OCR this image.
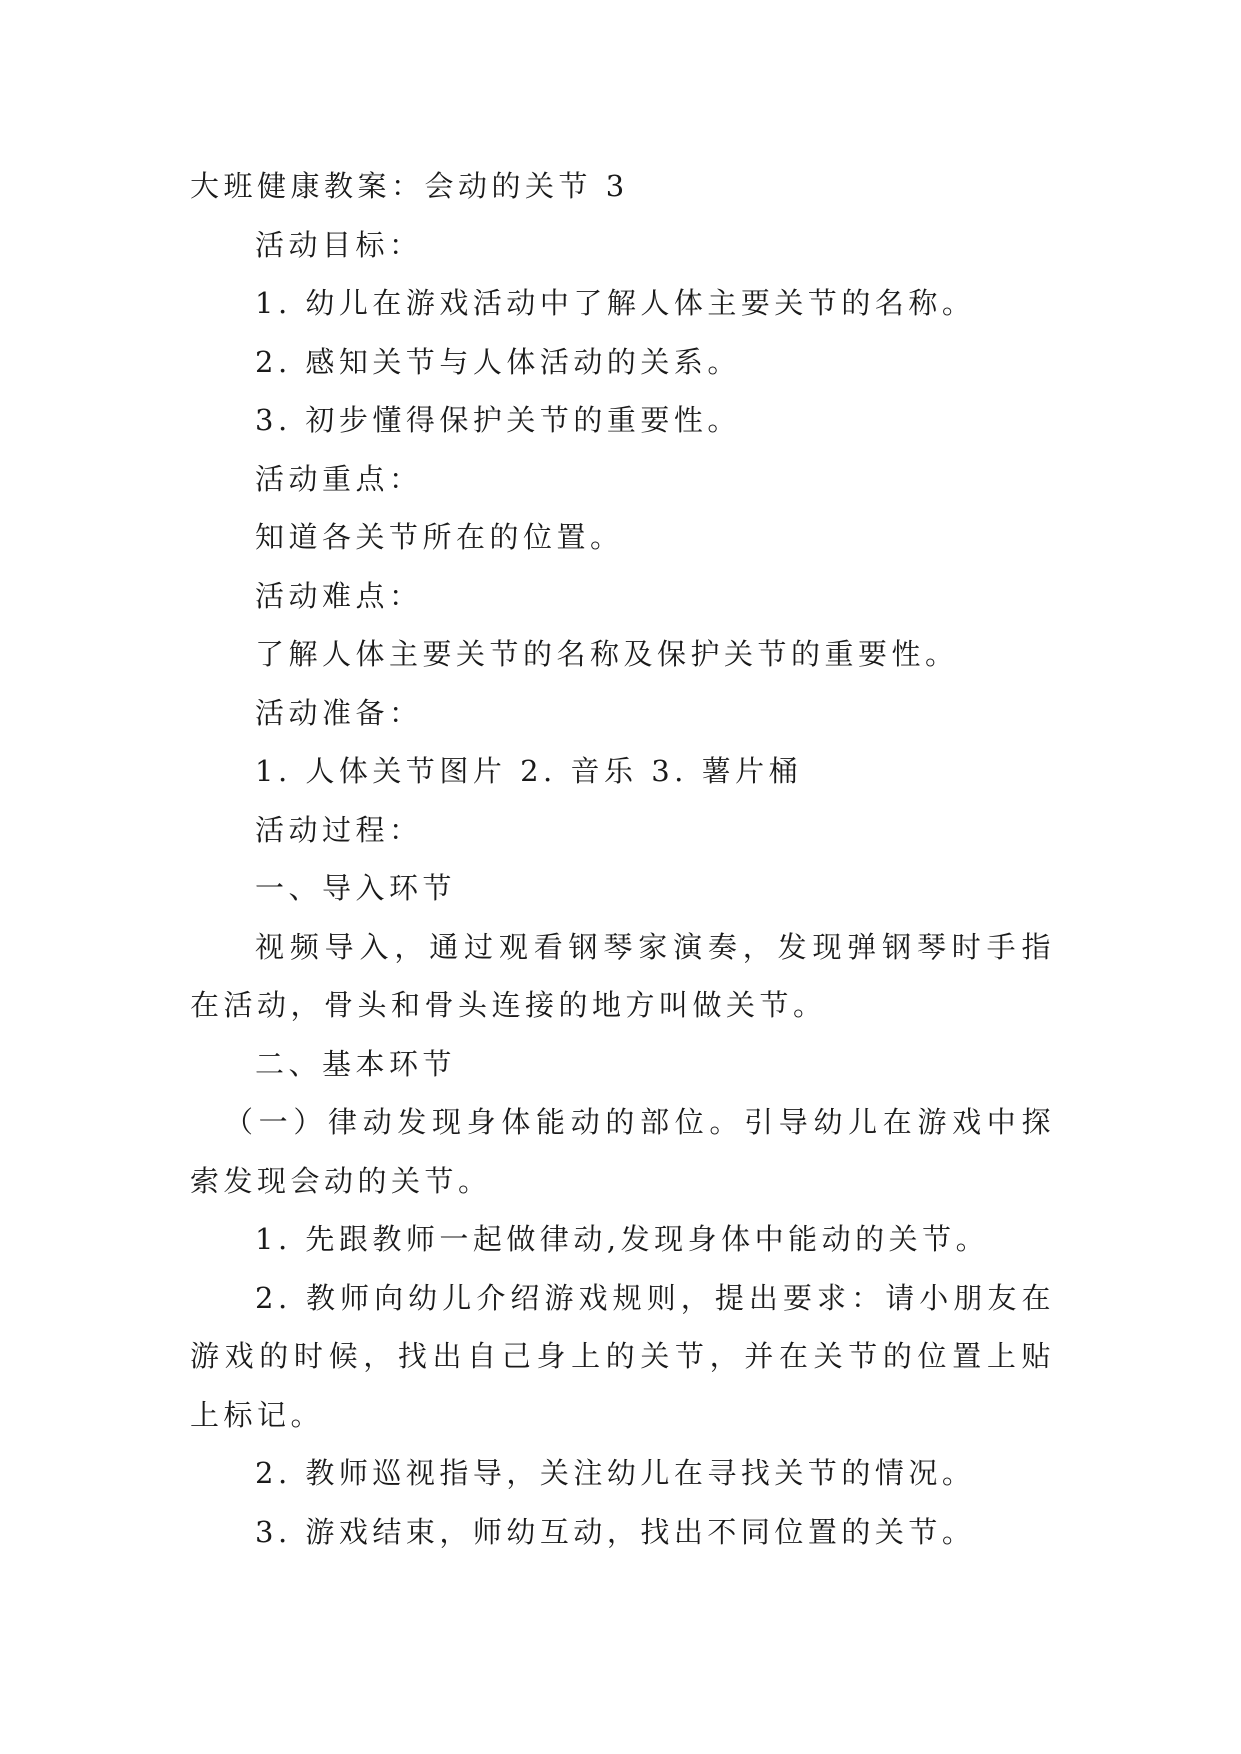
大班健康教案：会动的关节 3
活动目标：
1. 幼儿在游戏活动中了解人体主要关节的名称。
2. 感知关节与人体活动的关系。
3. 初步懂得保护关节的重要性。
活动重点：
知道各关节所在的位置。
活动难点：
了解人体主要关节的名称及保护关节的重要性。
活动准备：
1. 人体关节图片 2. 音乐 3. 薯片桶
活动过程：
一、导入环节
视频导入，通过观看钢琴家演奏，发现弹钢琴时手指在活动，骨头和骨头连接的地方叫做关节。
二、基本环节
（一）律动发现身体能动的部位。引导幼儿在游戏中探索发现会动的关节。
1. 先跟教师一起做律动,发现身体中能动的关节。
2. 教师向幼儿介绍游戏规则，提出要求：请小朋友在游戏的时候，找出自己身上的关节，并在关节的位置上贴上标记。
2. 教师巡视指导，关注幼儿在寻找关节的情况。
3. 游戏结束，师幼互动，找出不同位置的关节。
